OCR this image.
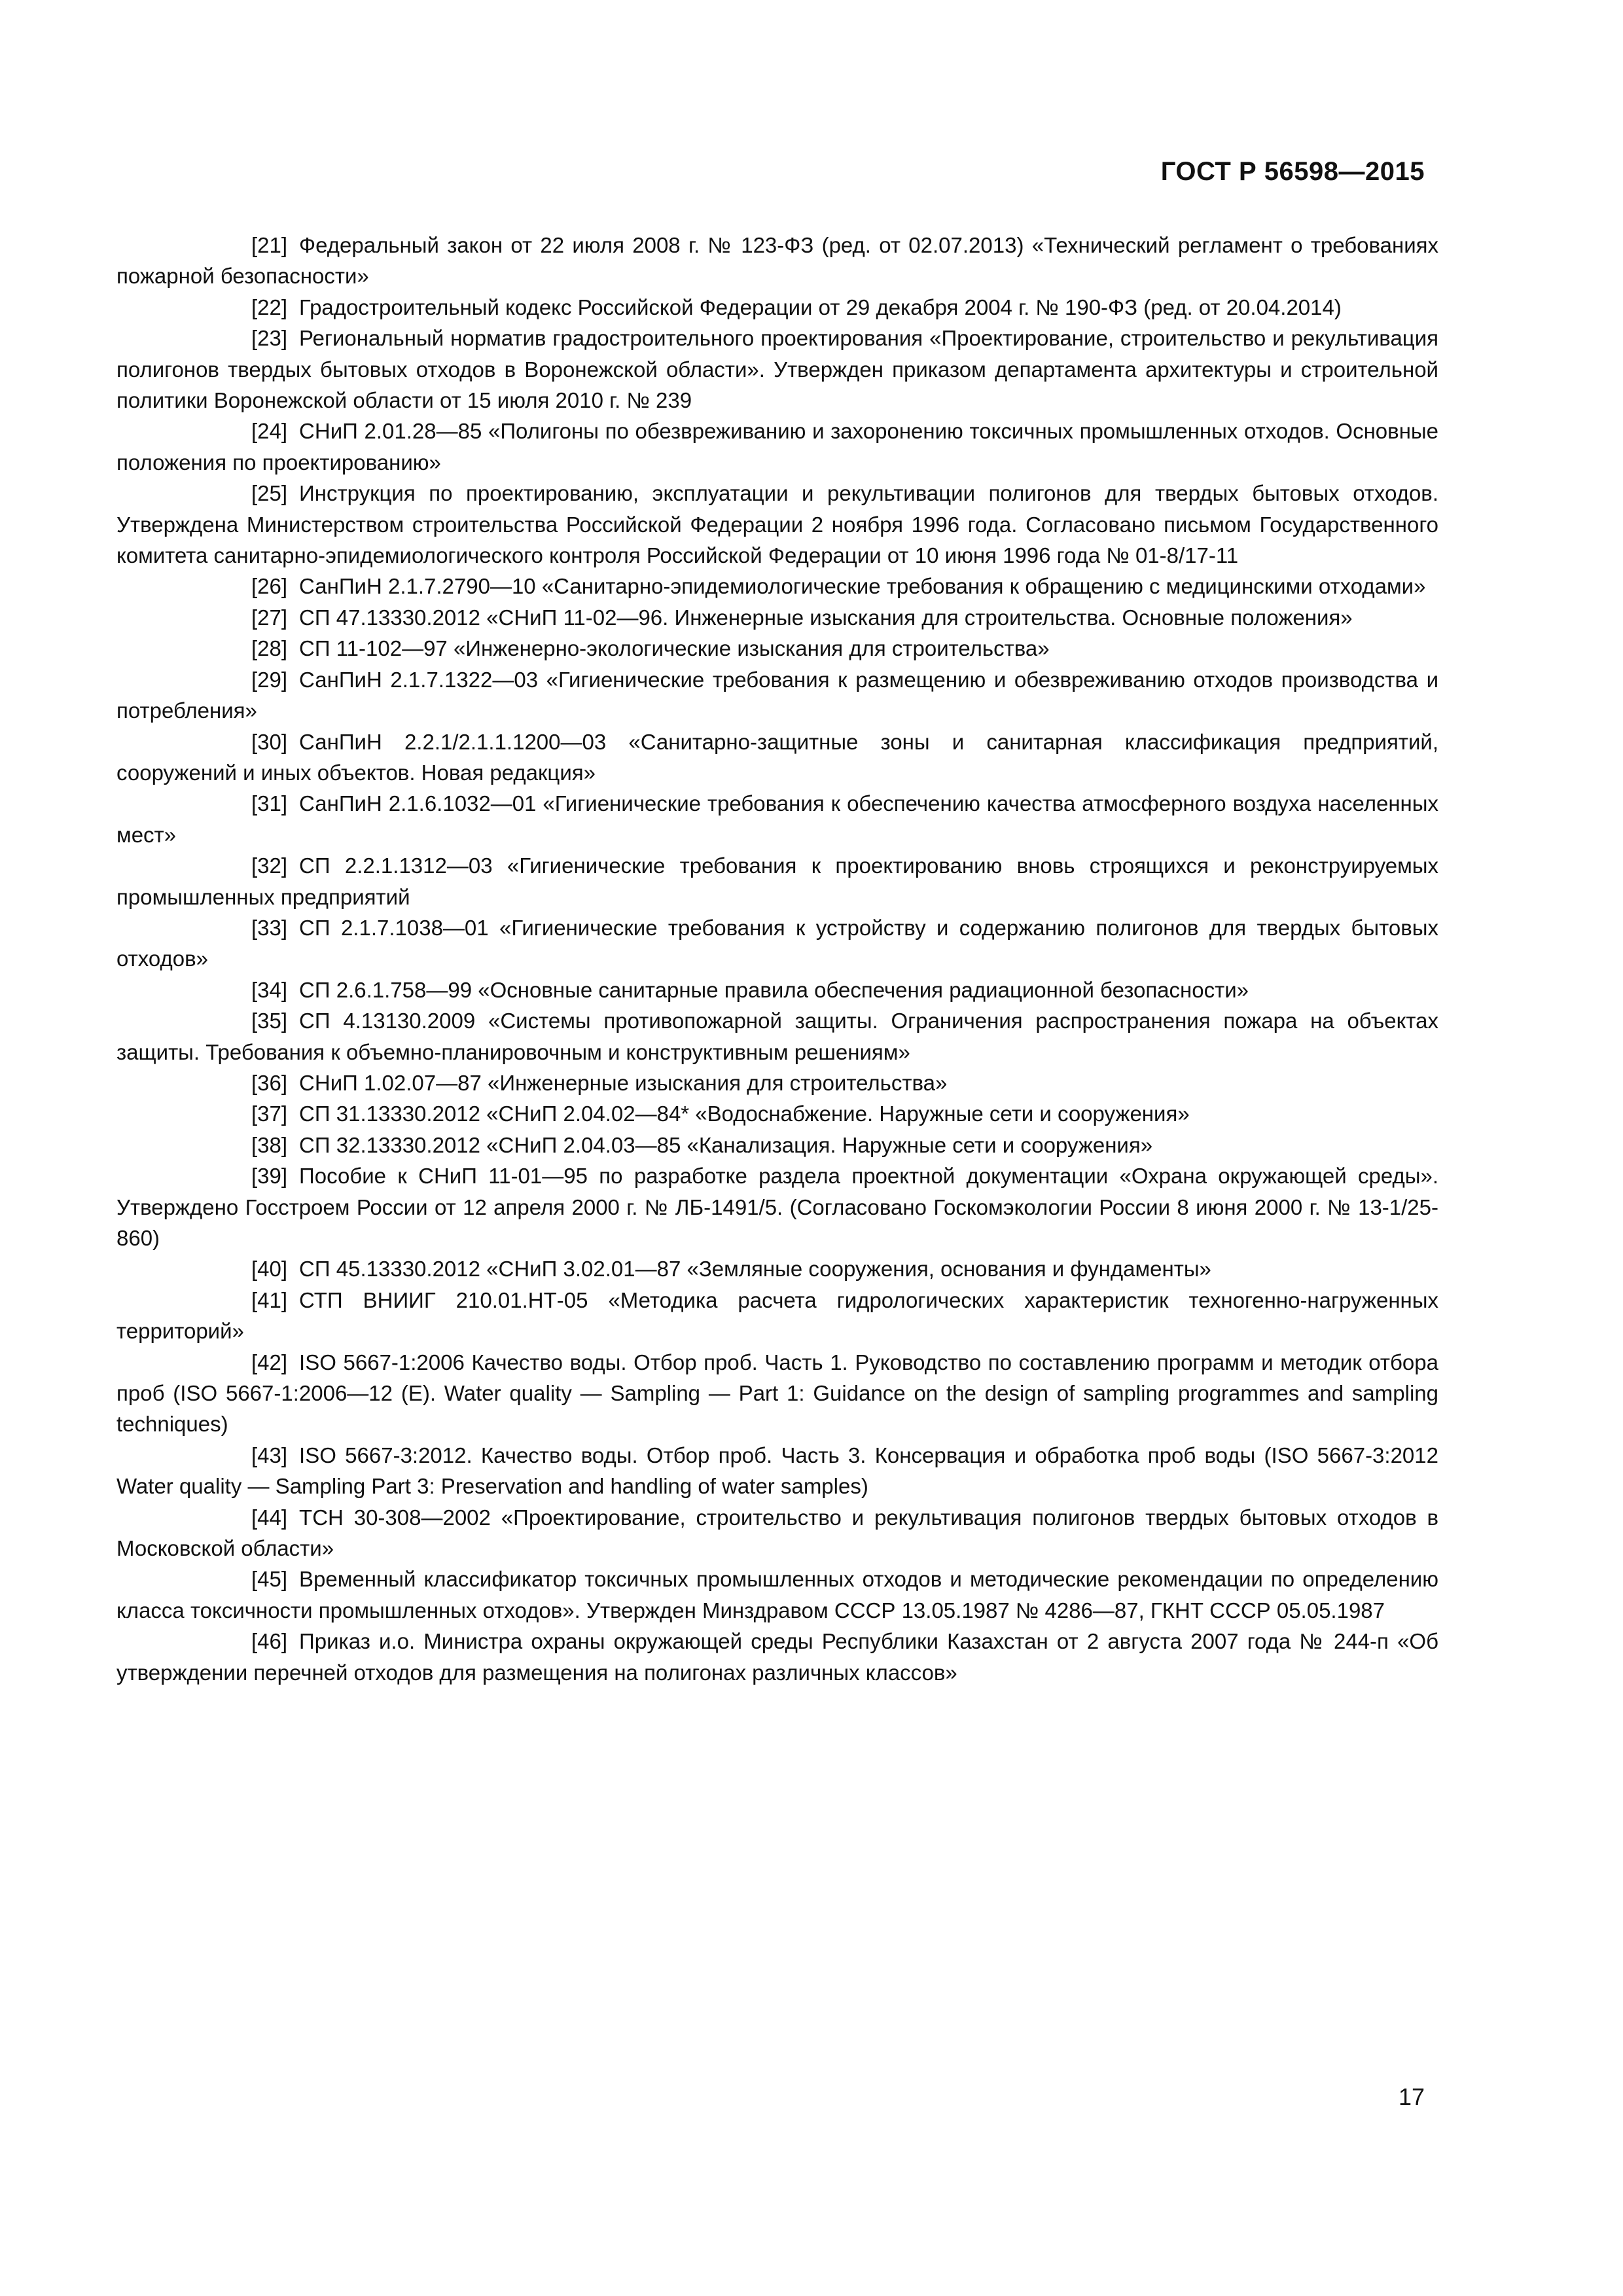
ГОСТ Р 56598—2015

[21] Федеральный закон от 22 июля 2008 г. № 123-ФЗ (ред. от 02.07.2013) «Технический регламент о требованиях пожарной безопасности»

[22] Градостроительный кодекс Российской Федерации от 29 декабря 2004 г. № 190-ФЗ (ред. от 20.04.2014)

[23] Региональный норматив градостроительного проектирования «Проектирование, строительство и рекультивация полигонов твердых бытовых отходов в Воронежской области». Утвержден приказом департамента архитектуры и строительной политики Воронежской области от 15 июля 2010 г. № 239

[24] СНиП 2.01.28—85 «Полигоны по обезвреживанию и захоронению токсичных промышленных отходов. Основные положения по проектированию»

[25] Инструкция по проектированию, эксплуатации и рекультивации полигонов для твердых бытовых отходов. Утверждена Министерством строительства Российской Федерации 2 ноября 1996 года. Согласовано письмом Государственного комитета санитарно-эпидемиологического контроля Российской Федерации от 10 июня 1996 года № 01-8/17-11

[26] СанПиН 2.1.7.2790—10 «Санитарно-эпидемиологические требования к обращению с медицинскими отходами»

[27] СП 47.13330.2012 «СНиП 11-02—96. Инженерные изыскания для строительства. Основные положения»

[28] СП 11-102—97 «Инженерно-экологические изыскания для строительства»

[29] СанПиН 2.1.7.1322—03 «Гигиенические требования к размещению и обезвреживанию отходов производства и потребления»

[30] СанПиН 2.2.1/2.1.1.1200—03 «Санитарно-защитные зоны и санитарная классификация предприятий, сооружений и иных объектов. Новая редакция»

[31] СанПиН 2.1.6.1032—01 «Гигиенические требования к обеспечению качества атмосферного воздуха населенных мест»

[32] СП 2.2.1.1312—03 «Гигиенические требования к проектированию вновь строящихся и реконструируемых промышленных предприятий

[33] СП 2.1.7.1038—01 «Гигиенические требования к устройству и содержанию полигонов для твердых бытовых отходов»

[34] СП 2.6.1.758—99 «Основные санитарные правила обеспечения радиационной безопасности»

[35] СП 4.13130.2009 «Системы противопожарной защиты. Ограничения распространения пожара на объектах защиты. Требования к объемно-планировочным и конструктивным решениям»

[36] СНиП 1.02.07—87 «Инженерные изыскания для строительства»

[37] СП 31.13330.2012 «СНиП 2.04.02—84* «Водоснабжение. Наружные сети и сооружения»

[38] СП 32.13330.2012 «СНиП 2.04.03—85 «Канализация. Наружные сети и сооружения»

[39] Пособие к СНиП 11-01—95 по разработке раздела проектной документации «Охрана окружающей среды». Утверждено Госстроем России от 12 апреля 2000 г. № ЛБ-1491/5. (Согласовано Госкомэкологии России 8 июня 2000 г. № 13-1/25-860)

[40] СП 45.13330.2012 «СНиП 3.02.01—87 «Земляные сооружения, основания и фундаменты»

[41] СТП ВНИИГ 210.01.НТ-05 «Методика расчета гидрологических характеристик техногенно-нагруженных территорий»

[42] ISO 5667-1:2006 Качество воды. Отбор проб. Часть 1. Руководство по составлению программ и методик отбора проб (ISO 5667-1:2006—12 (E). Water quality — Sampling — Part 1: Guidance on the design of sampling programmes and sampling techniques)

[43] ISO 5667-3:2012. Качество воды. Отбор проб. Часть 3. Консервация и обработка проб воды (ISO 5667-3:2012 Water quality — Sampling Part 3: Preservation and handling of water samples)

[44] ТСН 30-308—2002 «Проектирование, строительство и рекультивация полигонов твердых бытовых отходов в Московской области»

[45] Временный классификатор токсичных промышленных отходов и методические рекомендации по определению класса токсичности промышленных отходов». Утвержден Минздравом СССР 13.05.1987 № 4286—87, ГКНТ СССР 05.05.1987

[46] Приказ и.о. Министра охраны окружающей среды Республики Казахстан от 2 августа 2007 года № 244-п «Об утверждении перечней отходов для размещения на полигонах различных классов»

17
